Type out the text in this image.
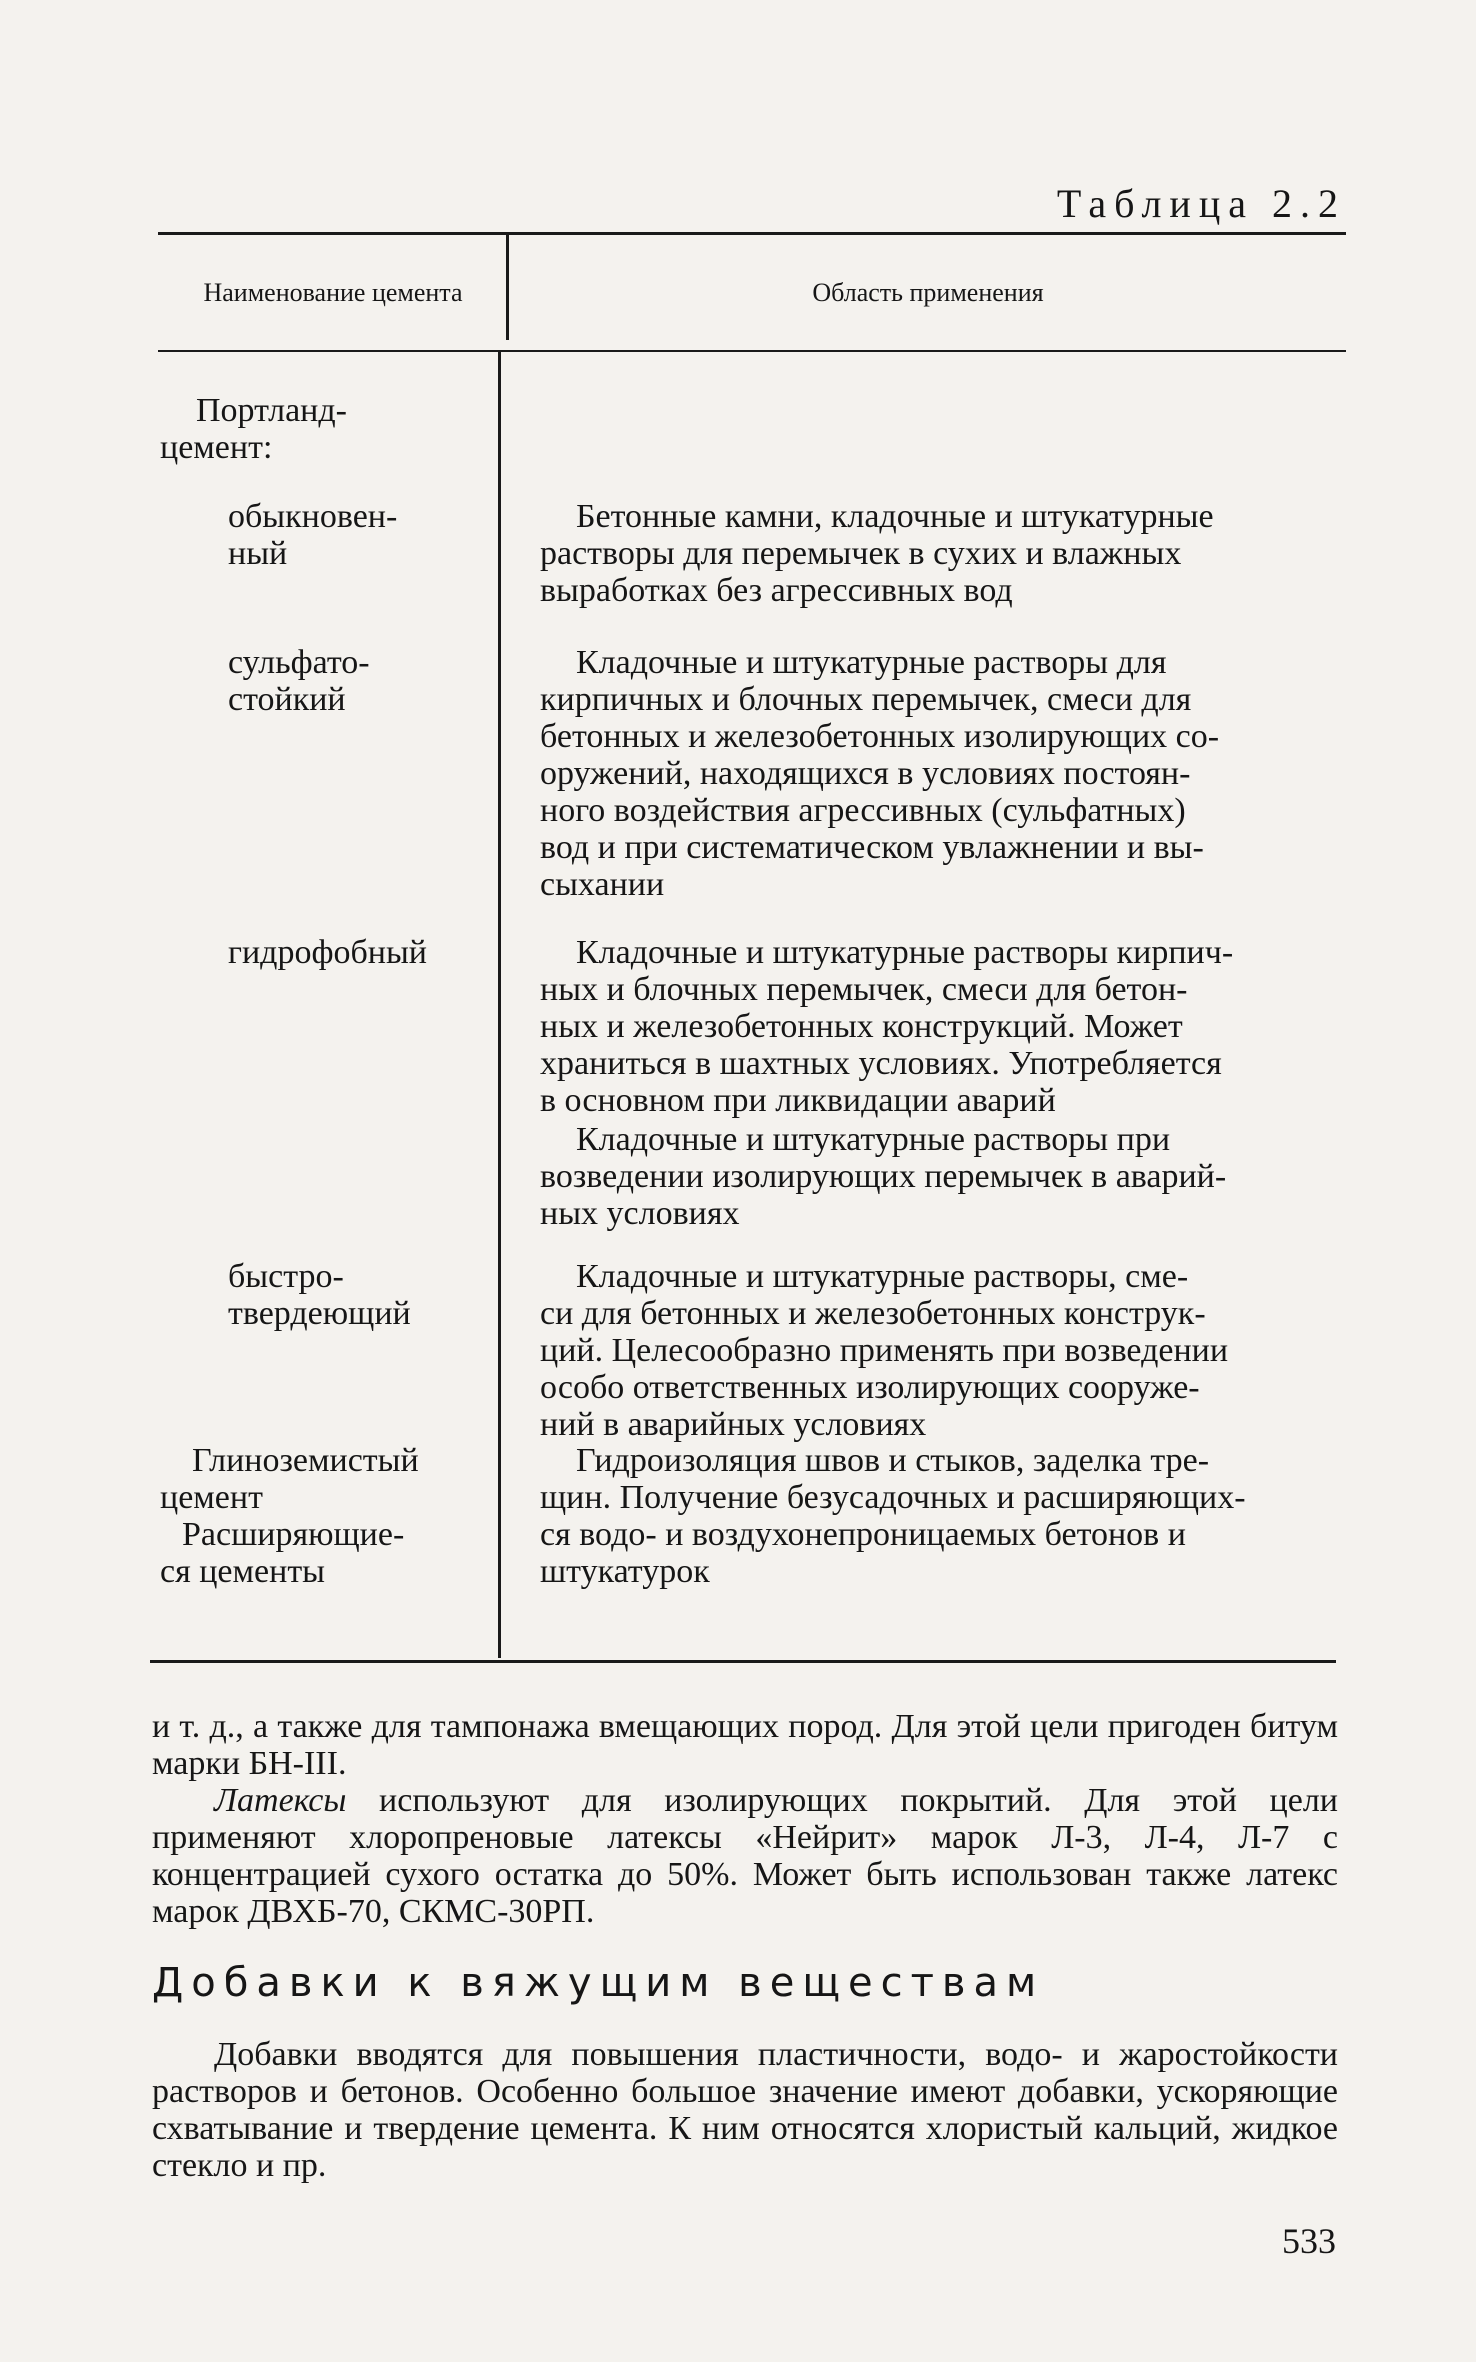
Таблица 2.2
Наименование цемента	Область применения
Портланд-
цемент:
обыкновен-
ный
Бетонные камни, кладочные и штукатурные
растворы для перемычек в сухих и влажных
выработках без агрессивных вод
сульфато-
стойкий
Кладочные и штукатурные растворы для
кирпичных и блочных перемычек, смеси для
бетонных и железобетонных изолирующих со-
оружений, находящихся в условиях постоян-
ного воздействия агрессивных (сульфатных)
вод и при систематическом увлажнении и вы-
сыхании
гидрофобный	Кладочные и штукатурные растворы кирпич-
ных и блочных перемычек, смеси для бетон-
ных и железобетонных конструкций. Может
храниться в шахтных условиях. Употребляется
в основном при ликвидации аварий
Кладочные и штукатурные растворы при
возведении изолирующих перемычек в аварий-
ных условиях
быстро-
твердеющий
Кладочные и штукатурные растворы, сме-
си для бетонных и железобетонных конструк-
ций. Целесообразно применять при возведении
особо ответственных изолирующих сооруже-
ний в аварийных условиях
Глиноземистый
цемент
Расширяющие-
ся цементы
Гидроизоляция швов и стыков, заделка тре-
щин. Получение безусадочных и расширяющих-
ся водо- и воздухонепроницаемых бетонов и
штукатурок
и т. д., а также для тампонажа вмещающих пород. Для этой цели пригоден битум марки БН-III.
Латексы используют для изолирующих покрытий. Для этой цели применяют хлоропреновые латексы «Нейрит» марок Л-3, Л-4, Л-7 с концентрацией сухого остатка до 50%. Может быть использован также латекс марок ДВХБ-70, СКМС-30РП.
Добавки к вяжущим веществам
Добавки вводятся для повышения пластичности, водо- и жаростойкости растворов и бетонов. Особенно большое значение имеют добавки, ускоряющие схватывание и твердение цемента. К ним относятся хлористый кальций, жидкое стекло и пр.
533
